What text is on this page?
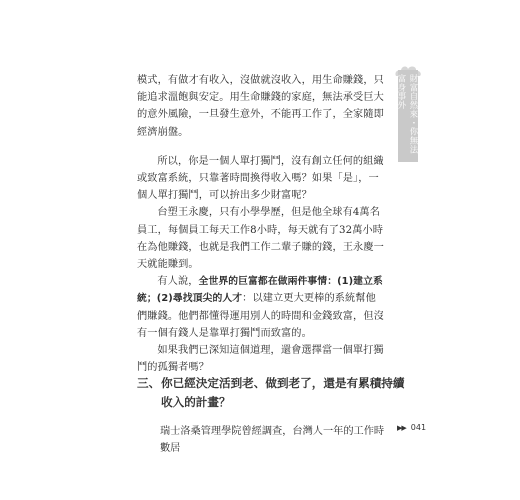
財富自然來・你無法富身事外

模式，有做才有收入，沒做就沒收入，用生命賺錢，只能追求溫飽與安定。用生命賺錢的家庭，無法承受巨大的意外風險，一旦發生意外，不能再工作了，全家隨即經濟崩盤。

所以，你是一個人單打獨鬥，沒有創立任何的組織或致富系統，只靠著時間換得收入嗎？如果「是」，一個人單打獨鬥，可以拚出多少財富呢？

台塑王永慶，只有小學學歷，但是他全球有4萬名員工，每個員工每天工作8小時，每天就有了32萬小時在為他賺錢，也就是我們工作二輩子賺的錢，王永慶一天就能賺到。

有人說，全世界的巨富都在做兩件事情：(1)建立系統；(2)尋找頂尖的人才：以建立更大更棒的系統幫他們賺錢。他們都懂得運用別人的時間和金錢致富，但沒有一個有錢人是靠單打獨鬥而致富的。

如果我們已深知這個道理，還會選擇當一個單打獨鬥的孤獨者嗎？

三、 你已經決定活到老、做到老了，還是有累積持續收入的計畫？
瑞士洛桑管理學院曾經調查，台灣人一年的工作時數居
▶▶ 041
